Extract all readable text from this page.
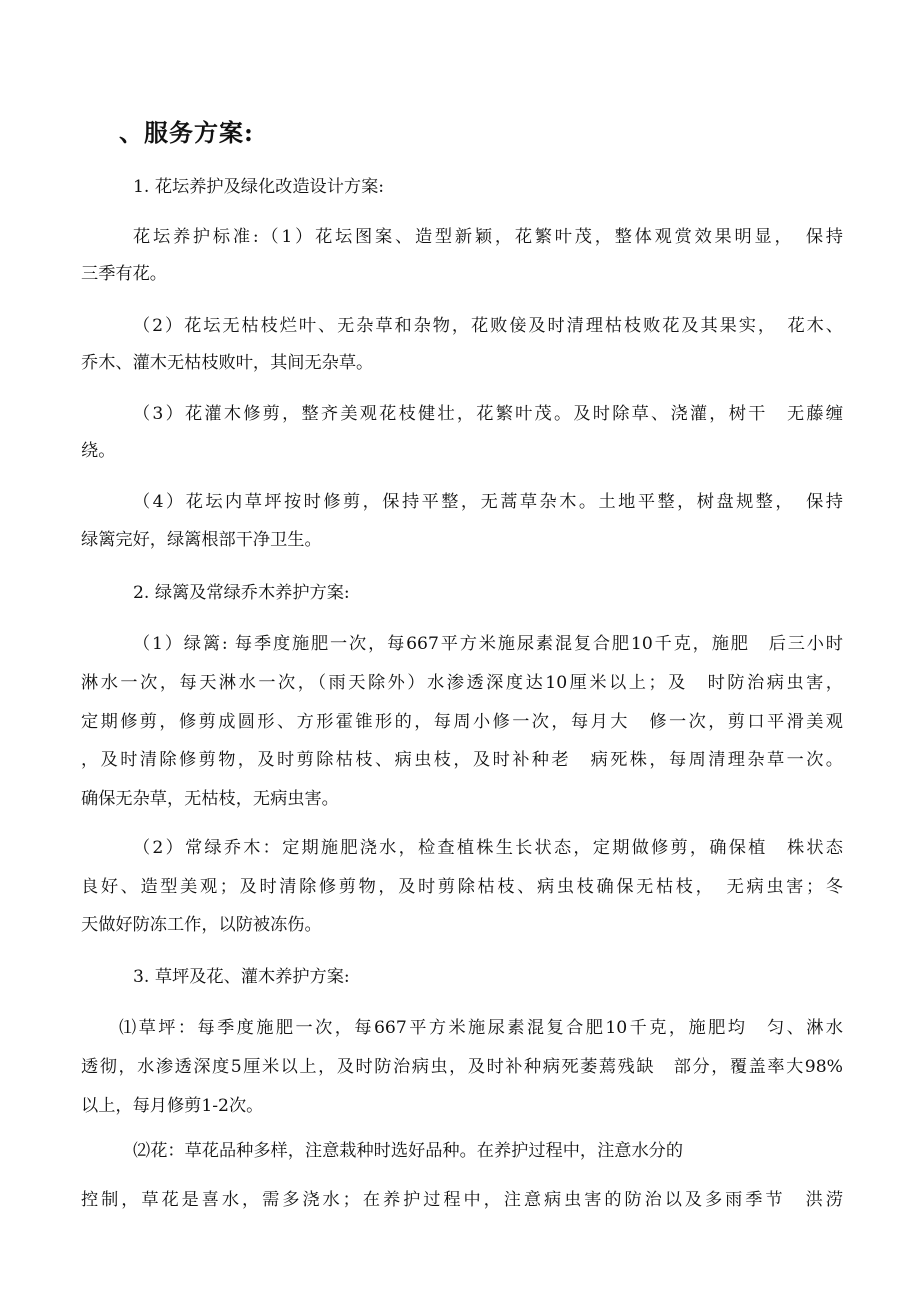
、服务方案:
1. 花坛养护及绿化改造设计方案:
花坛养护标准:（1）花坛图案、造型新颖，花繁叶茂，整体观赏效果明显，　保持
三季有花。
（2）花坛无枯枝烂叶、无杂草和杂物，花败倿及时清理枯枝败花及其果实，　花木、
乔木、灌木无枯枝败叶，其间无杂草。
（3）花灌木修剪，整齐美观花枝健壮，花繁叶茂。及时除草、浇灌，树干　无藤缠
绕。
（4）花坛内草坪按时修剪，保持平整，无蒿草杂木。土地平整，树盘规整，　保持
绿篱完好，绿篱根部干净卫生。
2. 绿篱及常绿乔木养护方案:
（1）绿篱: 每季度施肥一次，每667平方米施尿素混复合肥10千克，施肥　后三小时
淋水一次，每天淋水一次，（雨天除外）水渗透深度达10厘米以上；及　时防治病虫害，
定期修剪，修剪成圆形、方形霍锥形的，每周小修一次，每月大　修一次，剪口平滑美观
，及时清除修剪物，及时剪除枯枝、病虫枝，及时补种老　病死株，每周清理杂草一次。
确保无杂草，无枯枝，无病虫害。
（2）常绿乔木：定期施肥浇水，检查植株生长状态，定期做修剪，确保植　株状态
良好、造型美观；及时清除修剪物，及时剪除枯枝、病虫枝确保无枯枝，　无病虫害；冬
天做好防冻工作，以防被冻伤。
3. 草坪及花、灌木养护方案:
⑴草坪：每季度施肥一次，每667平方米施尿素混复合肥10千克，施肥均　匀、淋水
透彻，水渗透深度5厘米以上，及时防治病虫，及时补种病死萎蔫残缺　部分，覆盖率大98%
以上，每月修剪1-2次。
⑵花：草花品种多样，注意栽种时选好品种。在养护过程中，注意水分的
控制，草花是喜水，需多浇水；在养护过程中，注意病虫害的防治以及多雨季节　洪涝
